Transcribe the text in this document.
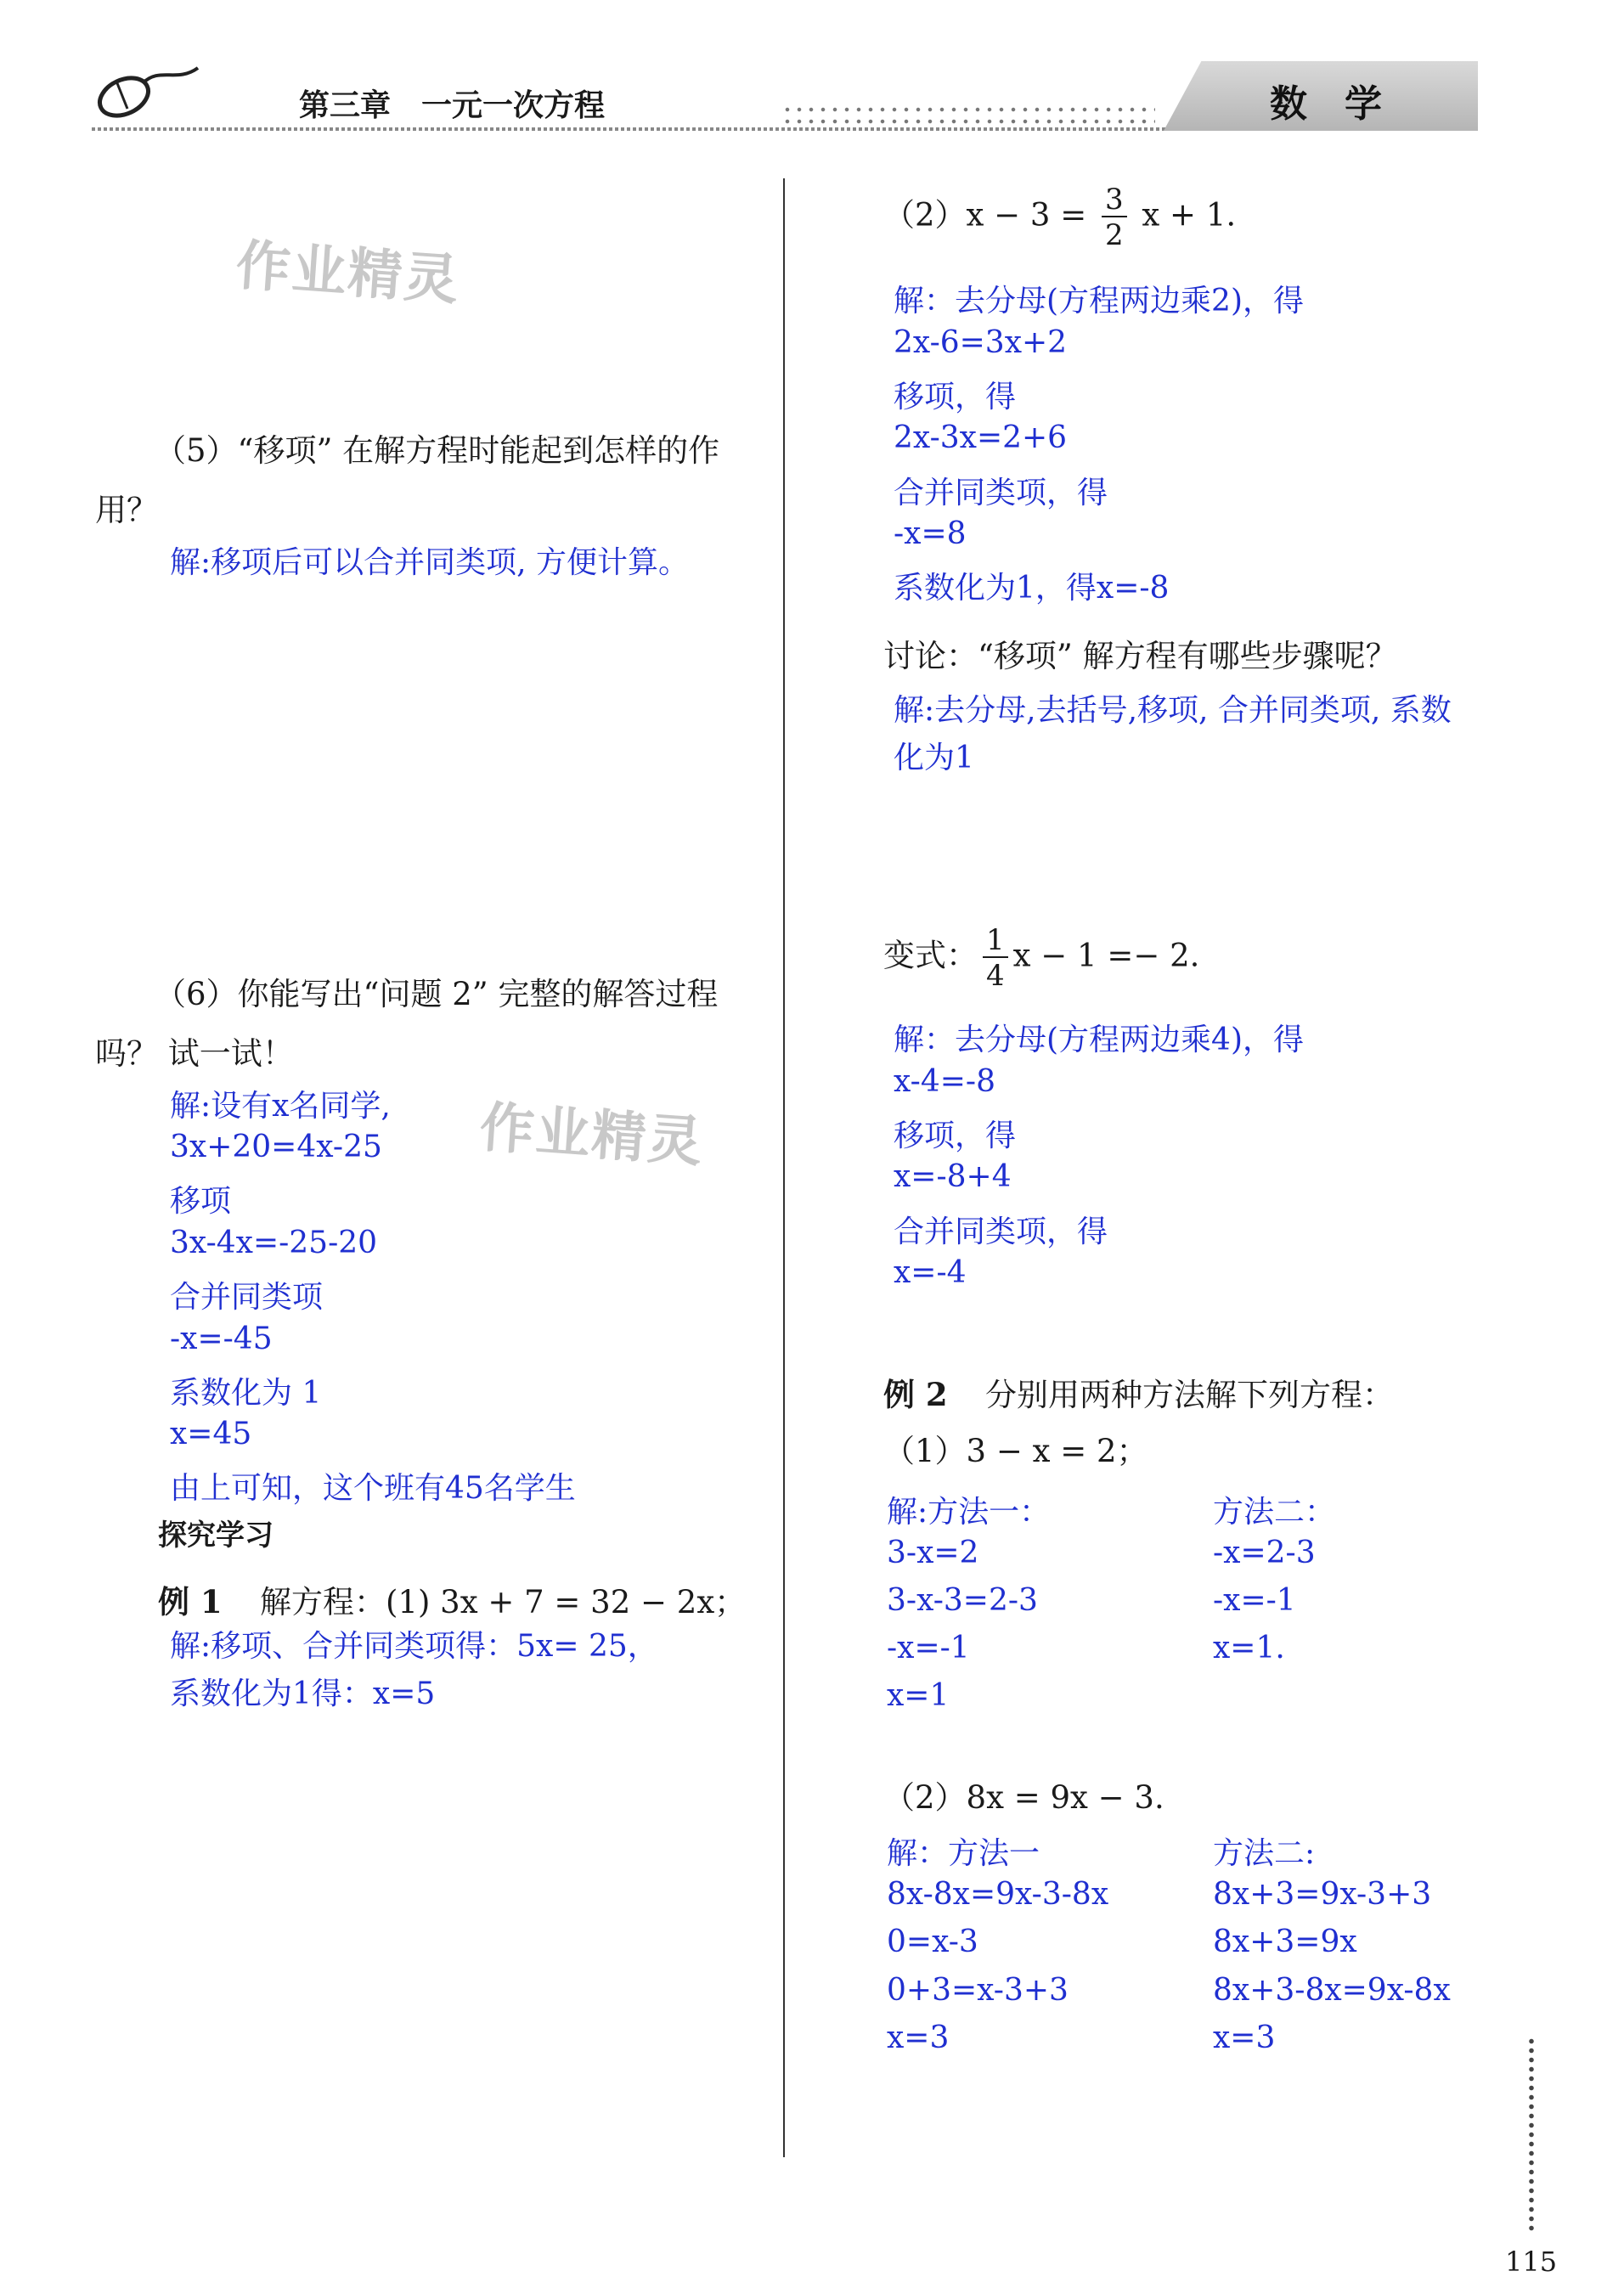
第三章　一元一次方程	数　学
作业精灵
作业精灵
（5）“移项” 在解方程时能起到怎样的作
用？
解:移项后可以合并同类项, 方便计算。
（6）你能写出“问题 2” 完整的解答过程
吗？ 试一试！
解:设有x名同学,
3x+20=4x-25
移项
3x-4x=-25-20
合并同类项
-x=-45
系数化为 1
x=45
由上可知，这个班有45名学生
探究学习
例 1 解方程：(1) 3x + 7 = 32 − 2x；
解:移项、合并同类项得：5x= 25，
系数化为1得：x=5
$(2)x - 3 = \frac{3}{2}$ x + 1.
解：去分母(方程两边乘2)，得
2x-6=3x+2
移项，得
2x-3x=2+6
合并同类项，得
-x=8
系数化为1，得x=-8
讨论：“移项” 解方程有哪些步骤呢？
解:去分母,去括号,移项, 合并同类项, 系数
化为1
变式： $\frac{1}{4}$ x − 1 =− 2.
解：去分母(方程两边乘4)，得
x-4=-8
移项，得
x=-8+4
合并同类项，得
x=-4
例 2 分别用两种方法解下列方程：
（1）3 − x = 2；
解:方法一：
3-x=2
3-x-3=2-3
-x=-1
x=1
方法二：
-x=2-3
-x=-1
x=1.
（2）8x = 9x − 3.
解：方法一
8x-8x=9x-3-8x
0=x-3
0+3=x-3+3
x=3
方法二:
8x+3=9x-3+3
8x+3=9x
8x+3-8x=9x-8x
x=3
115
